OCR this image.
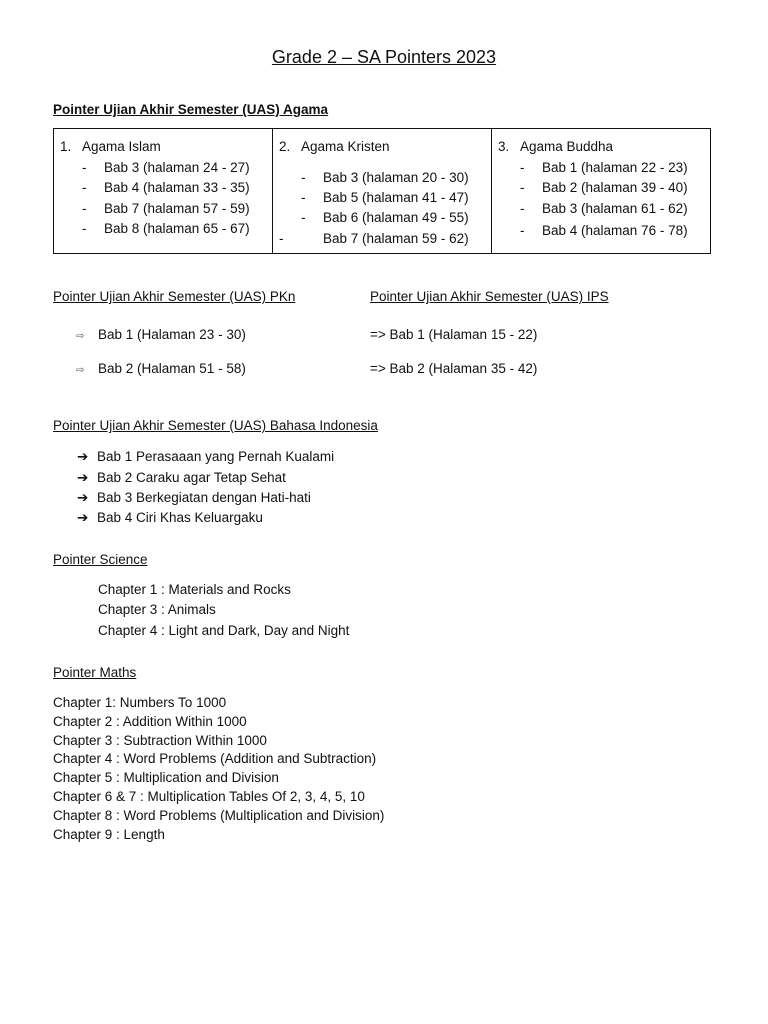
Grade 2 – SA Pointers 2023
Pointer Ujian Akhir Semester (UAS) Agama
1. Agama Islam
- Bab 3 (halaman 24 - 27)
- Bab 4 (halaman 33 - 35)
- Bab 7 (halaman 57 - 59)
- Bab 8 (halaman 65 - 67)

2. Agama Kristen
- Bab 3 (halaman 20 - 30)
- Bab 5 (halaman 41 - 47)
- Bab 6 (halaman 49 - 55)
-	Bab 7 (halaman 59 - 62)

3. Agama Buddha
- Bab 1 (halaman 22 - 23)
- Bab 2 (halaman 39 - 40)
- Bab 3 (halaman 61 - 62)
- Bab 4 (halaman 76 - 78)
Pointer Ujian Akhir Semester (UAS) PKn
⇨ Bab 1 (Halaman 23 - 30)
⇨ Bab 2 (Halaman 51 - 58)
Pointer Ujian Akhir Semester (UAS) IPS
=> Bab 1 (Halaman 15 - 22)
=> Bab 2 (Halaman 35 - 42)
Pointer Ujian Akhir Semester (UAS) Bahasa Indonesia
➔ Bab 1 Perasaaan yang Pernah Kualami
➔ Bab 2 Caraku agar Tetap Sehat
➔ Bab 3 Berkegiatan dengan Hati-hati
➔ Bab 4 Ciri Khas Keluargaku
Pointer Science
Chapter 1 : Materials and Rocks
Chapter 3 : Animals
Chapter 4 : Light and Dark, Day and Night
Pointer Maths
Chapter 1: Numbers To 1000
Chapter 2 : Addition Within 1000
Chapter 3 : Subtraction Within 1000
Chapter 4 : Word Problems (Addition and Subtraction)
Chapter 5 : Multiplication and Division
Chapter 6 & 7 : Multiplication Tables Of 2, 3, 4, 5, 10
Chapter 8 : Word Problems (Multiplication and Division)
Chapter 9 : Length
